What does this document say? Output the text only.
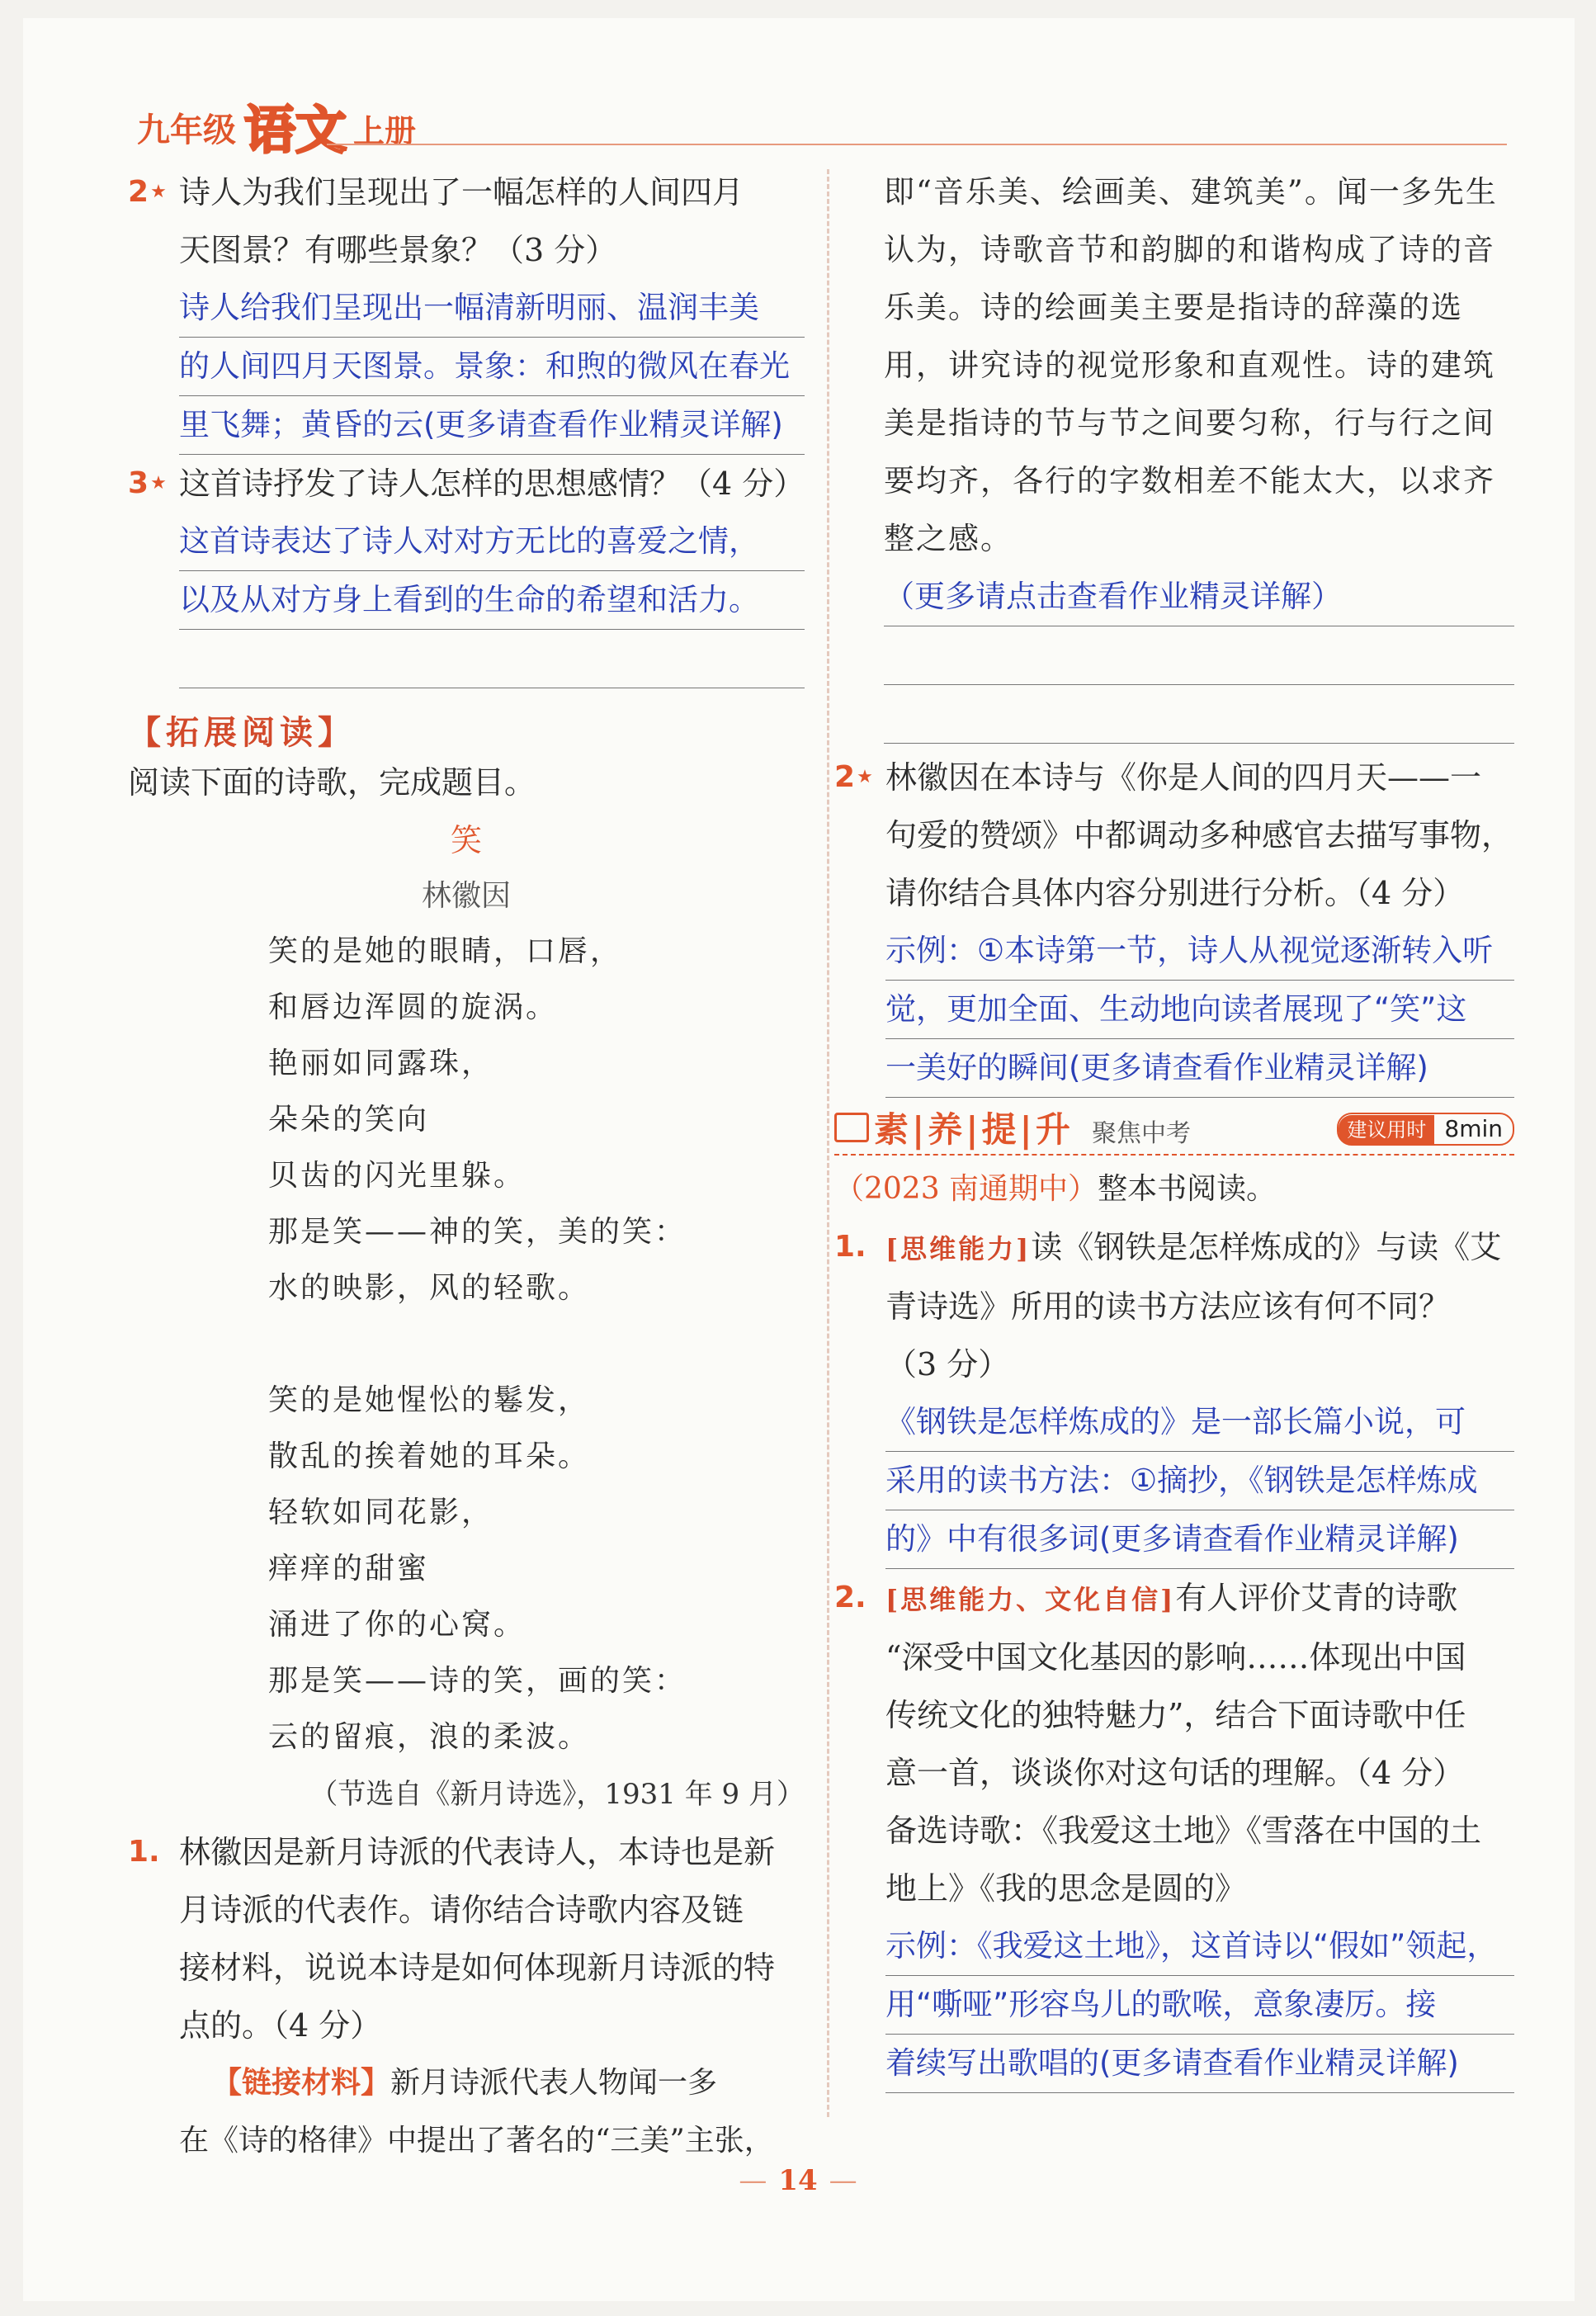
九年级 语文 上册
2★ 诗人为我们呈现出了一幅怎样的人间四月
天图景？有哪些景象？（3 分）
诗人给我们呈现出一幅清新明丽、温润丰美
的人间四月天图景。景象：和煦的微风在春光
里飞舞；黄昏的云(更多请查看作业精灵详解)
3★ 这首诗抒发了诗人怎样的思想感情？（4 分）
这首诗表达了诗人对对方无比的喜爱之情，
以及从对方身上看到的生命的希望和活力。
【拓展阅读】
阅读下面的诗歌，完成题目。
笑
林徽因
笑的是她的眼睛，口唇，
和唇边浑圆的旋涡。
艳丽如同露珠，
朵朵的笑向
贝齿的闪光里躲。
那是笑——神的笑，美的笑：
水的映影，风的轻歌。
笑的是她惺忪的鬈发，
散乱的挨着她的耳朵。
轻软如同花影，
痒痒的甜蜜
涌进了你的心窝。
那是笑——诗的笑，画的笑：
云的留痕，浪的柔波。
（节选自《新月诗选》，1931 年 9 月）
1. 林徽因是新月诗派的代表诗人，本诗也是新
月诗派的代表作。请你结合诗歌内容及链
接材料，说说本诗是如何体现新月诗派的特
点的。（4 分）
【链接材料】新月诗派代表人物闻一多
在《诗的格律》中提出了著名的“三美”主张，
即“音乐美、绘画美、建筑美”。闻一多先生
认为，诗歌音节和韵脚的和谐构成了诗的音
乐美。诗的绘画美主要是指诗的辞藻的选
用，讲究诗的视觉形象和直观性。诗的建筑
美是指诗的节与节之间要匀称，行与行之间
要均齐，各行的字数相差不能太大，以求齐
整之感。
（更多请点击查看作业精灵详解）
2★ 林徽因在本诗与《你是人间的四月天——一
句爱的赞颂》中都调动多种感官去描写事物，
请你结合具体内容分别进行分析。（4 分）
示例：①本诗第一节，诗人从视觉逐渐转入听
觉，更加全面、生动地向读者展现了“笑”这
一美好的瞬间(更多请查看作业精灵详解)
素|养|提|升 聚焦中考	建议用时 8min
（2023 南通期中）整本书阅读。
1. [思维能力]读《钢铁是怎样炼成的》与读《艾
青诗选》所用的读书方法应该有何不同？
（3 分）
《钢铁是怎样炼成的》是一部长篇小说，可
采用的读书方法：①摘抄，《钢铁是怎样炼成
的》中有很多词(更多请查看作业精灵详解)
2. [思维能力、文化自信]有人评价艾青的诗歌
“深受中国文化基因的影响……体现出中国
传统文化的独特魅力”，结合下面诗歌中任
意一首，谈谈你对这句话的理解。（4 分）
备选诗歌：《我爱这土地》《雪落在中国的土
地上》《我的思念是圆的》
示例：《我爱这土地》，这首诗以“假如”领起，
用“嘶哑”形容鸟儿的歌喉，意象凄厉。接
着续写出歌唱的(更多请查看作业精灵详解)
— 14 —
